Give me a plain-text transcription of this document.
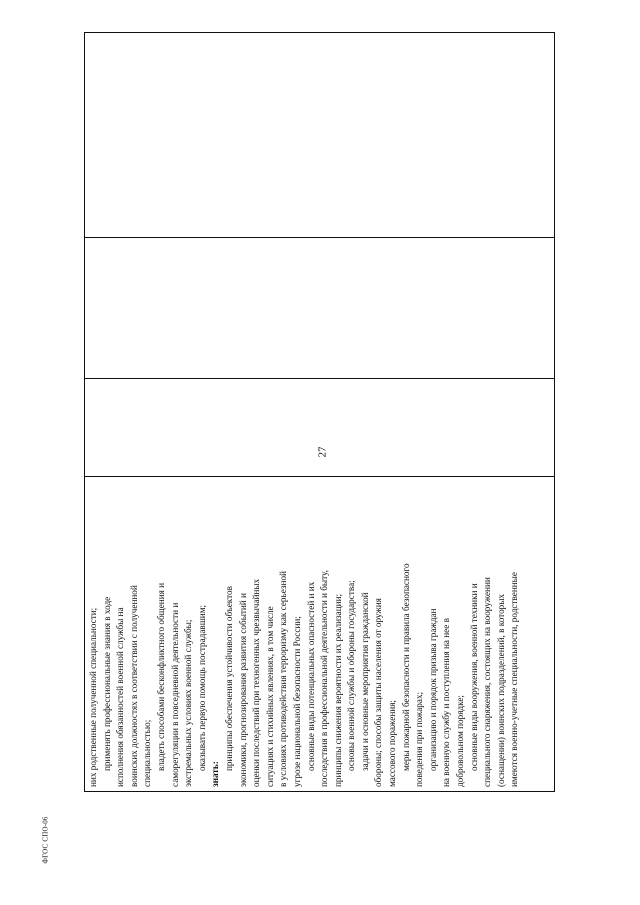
27

них родственные полученной специальности; применять профессиональные знания в ходе исполнения обязанностей военной службы на воинских должностях в соответствии с полученной специальностью; владеть способами бесконфликтного общения и саморегуляции в повседневной деятельности и экстремальных условиях военной службы; оказывать первую помощь пострадавшим;

знать:

принципы обеспечения устойчивости объектов экономики, прогнозирования развития событий и оценки последствий при техногенных чрезвычайных ситуациях и стихийных явлениях, в том числе в условиях противодействия терроризму как серьезной угрозе национальной безопасности России; основные виды потенциальных опасностей и их последствия в профессиональной деятельности и быту, принципы снижения вероятности их реализации; основы военной службы и обороны государства; задачи и основные мероприятия гражданской обороны; способы защиты населения от оружия массового поражения; меры пожарной безопасности и правила безопасного поведения при пожарах; организацию и порядок призыва граждан на военную службу и поступления на нее в добровольном порядке; основные виды вооружения, военной техники и специального снаряжения, состоящих на вооружении (оснащении) воинских подразделений, в которых имеются военно-учетные специальности, родственные

ФГОС СПО-06
